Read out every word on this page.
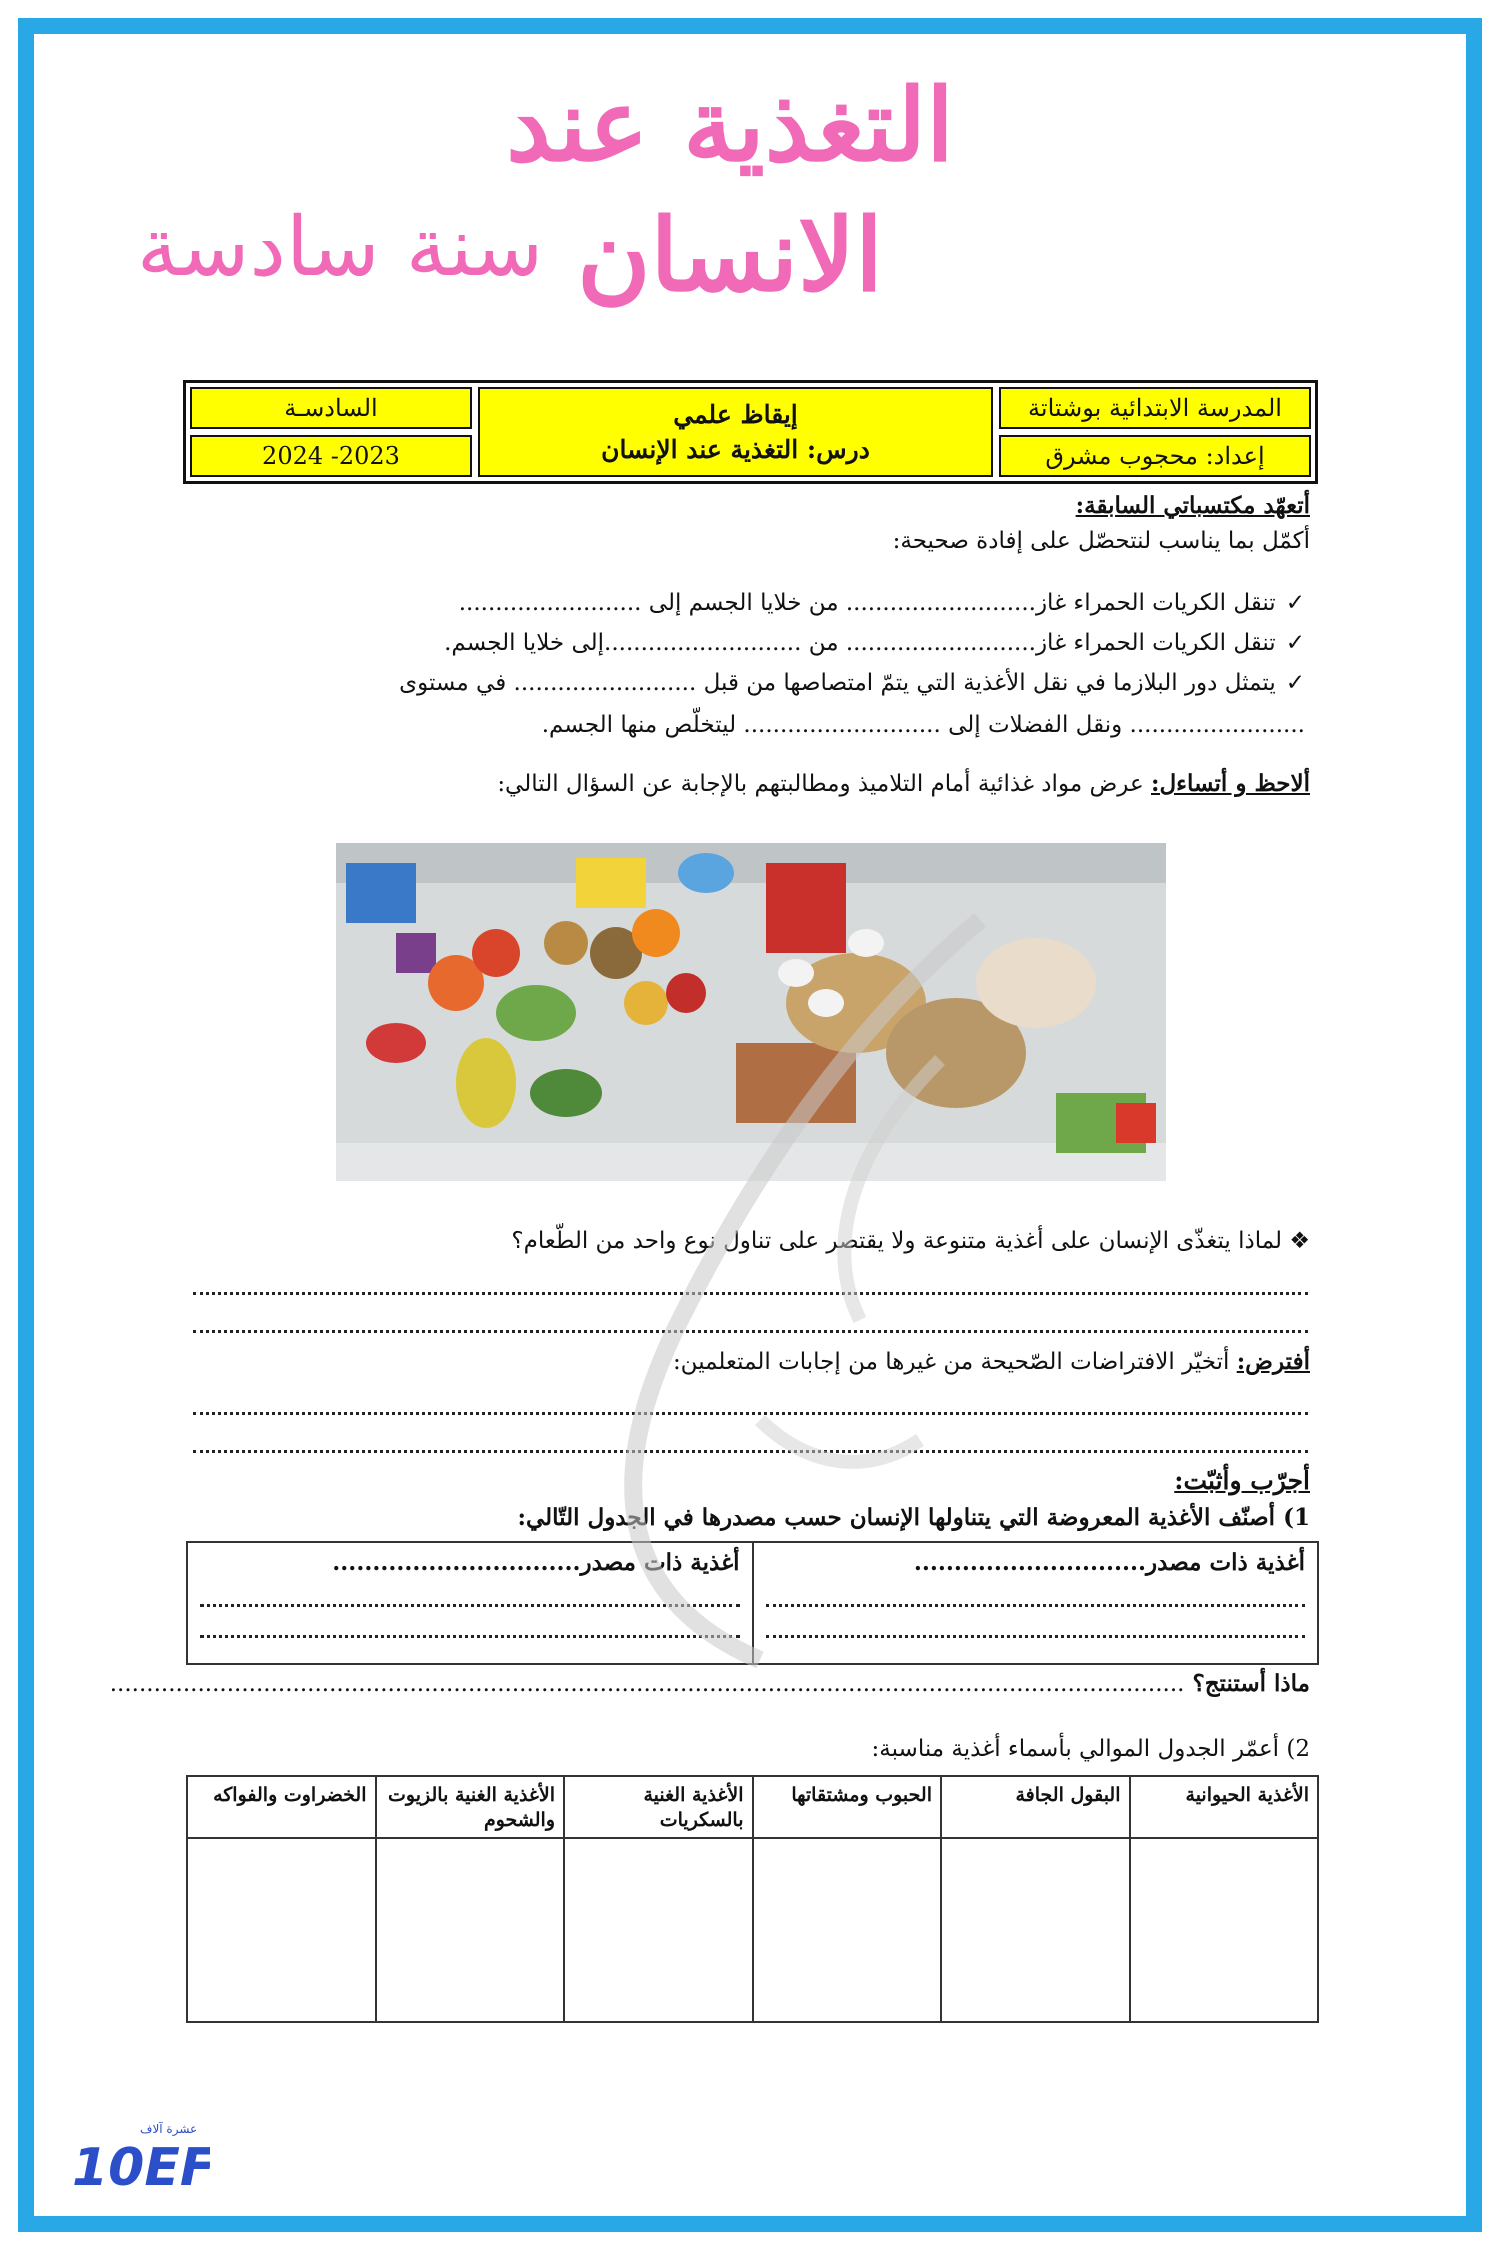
التغذية عند الانسان
سنة سادسة
المدرسة الابتدائية بوشتاتة
إعداد: محجوب مشرق
إيقاظ علمي
درس: التغذية عند الإنسان
السادسـة
2024 -2023
أتعهّد مكتسباتي السابقة:
أكمّل بما يناسب لنتحصّل على إفادة صحيحة:
✓تنقل الكريات الحمراء غاز.......................... من خلايا الجسم إلى .........................
✓تنقل الكريات الحمراء غاز.......................... من ...........................إلى خلايا الجسم.
✓يتمثل دور البلازما في نقل الأغذية التي يتمّ امتصاصها من قبل ......................... في مستوى
........................ ونقل الفضلات إلى ........................... ليتخلّص منها الجسم.
ألاحظ و أتساءل: عرض مواد غذائية أمام التلاميذ ومطالبتهم بالإجابة عن السؤال التالي:
❖ لماذا يتغذّى الإنسان على أغذية متنوعة ولا يقتصر على تناول نوع واحد من الطّعام؟
أفترض: أتخيّر الافتراضات الصّحيحة من غيرها من إجابات المتعلمين:
أجرّب وأثبّت:
1) أصنّف الأغذية المعروضة التي يتناولها الإنسان حسب مصدرها في الجدول التّالي:
أغذية ذات مصدر.............................
أغذية ذات مصدر...............................
ماذا أستنتج؟ ...................................................................................................................................................
2) أعمّر الجدول الموالي بأسماء أغذية مناسبة:
الأغذية الحيوانية
البقول الجافة
الحبوب ومشتقاتها
الأغذية الغنية بالسكريات
الأغذية الغنية بالزيوت والشحوم
الخضراوت والفواكه
10EF
عشرة آلاف
